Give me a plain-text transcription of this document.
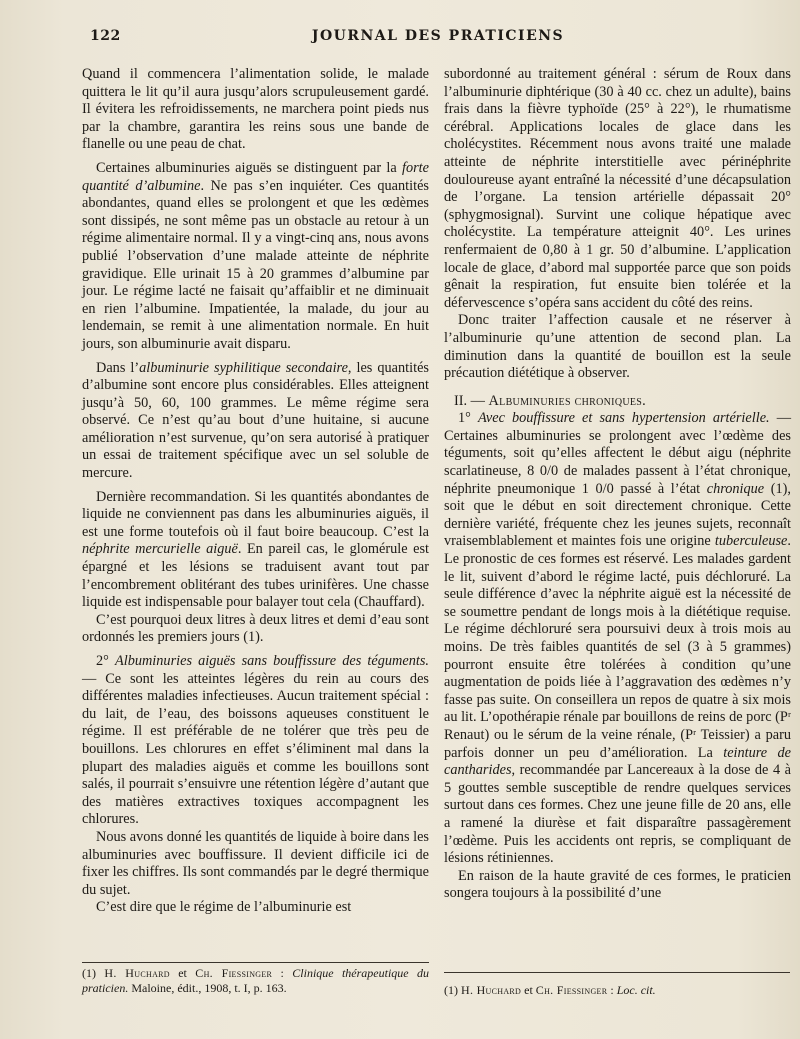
122	JOURNAL DES PRATICIENS

Quand il commencera l’alimentation solide, le malade quittera le lit qu’il aura jusqu’alors scrupuleusement gardé. Il évitera les refroidissements, ne marchera point pieds nus par la chambre, garantira les reins sous une bande de flanelle ou une peau de chat.

Certaines albuminuries aiguës se distinguent par la forte quantité d’albumine. Ne pas s’en inquiéter. Ces quantités abondantes, quand elles se prolongent et que les œdèmes sont dissipés, ne sont même pas un obstacle au retour à un régime alimentaire normal. Il y a vingt-cinq ans, nous avons publié l’observation d’une malade atteinte de néphrite gravidique. Elle urinait 15 à 20 grammes d’albumine par jour. Le régime lacté ne faisait qu’affaiblir et ne diminuait en rien l’albumine. Impatientée, la malade, du jour au lendemain, se remit à une alimentation normale. En huit jours, son albuminurie avait disparu.

Dans l’albuminurie syphilitique secondaire, les quantités d’albumine sont encore plus considérables. Elles atteignent jusqu’à 50, 60, 100 grammes. Le même régime sera observé. Ce n’est qu’au bout d’une huitaine, si aucune amélioration n’est survenue, qu’on sera autorisé à pratiquer un essai de traitement spécifique avec un sel soluble de mercure.

Dernière recommandation. Si les quantités abondantes de liquide ne conviennent pas dans les albuminuries aiguës, il est une forme toutefois où il faut boire beaucoup. C’est la néphrite mercurielle aiguë. En pareil cas, le glomérule est épargné et les lésions se traduisent avant tout par l’encombrement oblitérant des tubes urinifères. Une chasse liquide est indispensable pour balayer tout cela (Chauffard).

C’est pourquoi deux litres à deux litres et demi d’eau sont ordonnés les premiers jours (1).

2° Albuminuries aiguës sans bouffissure des téguments. — Ce sont les atteintes légères du rein au cours des différentes maladies infectieuses. Aucun traitement spécial : du lait, de l’eau, des boissons aqueuses constituent le régime. Il est préférable de ne tolérer que très peu de bouillons. Les chlorures en effet s’éliminent mal dans la plupart des maladies aiguës et comme les bouillons sont salés, il pourrait s’ensuivre une rétention légère d’autant que des matières extractives toxiques accompagnent les chlorures.

Nous avons donné les quantités de liquide à boire dans les albuminuries avec bouffissure. Il devient difficile ici de fixer les chiffres. Ils sont commandés par le degré thermique du sujet.

C’est dire que le régime de l’albuminurie est

subordonné au traitement général : sérum de Roux dans l’albuminurie diphtérique (30 à 40 cc. chez un adulte), bains frais dans la fièvre typhoïde (25° à 22°), le rhumatisme cérébral. Applications locales de glace dans les cholécystites. Récemment nous avons traité une malade atteinte de néphrite interstitielle avec périnéphrite douloureuse ayant entraîné la nécessité d’une décapsulation de l’organe. La tension artérielle dépassait 20° (sphygmosignal). Survint une colique hépatique avec cholécystite. La température atteignit 40°. Les urines renfermaient de 0,80 à 1 gr. 50 d’albumine. L’application locale de glace, d’abord mal supportée parce que son poids gênait la respiration, fut ensuite bien tolérée et la défervescence s’opéra sans accident du côté des reins.

Donc traiter l’affection causale et ne réserver à l’albuminurie qu’une attention de second plan. La diminution dans la quantité de bouillon est la seule précaution diététique à observer.

II. — Albuminuries chroniques.

1° Avec bouffissure et sans hypertension artérielle. — Certaines albuminuries se prolongent avec l’œdème des téguments, soit qu’elles affectent le début aigu (néphrite scarlatineuse, 8 0/0 de malades passent à l’état chronique, néphrite pneumonique 1 0/0 passé à l’état chronique (1), soit que le début en soit directement chronique. Cette dernière variété, fréquente chez les jeunes sujets, reconnaît vraisemblablement et maintes fois une origine tuberculeuse. Le pronostic de ces formes est réservé. Les malades gardent le lit, suivent d’abord le régime lacté, puis déchloruré. La seule différence d’avec la néphrite aiguë est la nécessité de se soumettre pendant de longs mois à la diététique requise. Le régime déchloruré sera poursuivi deux à trois mois au moins. De très faibles quantités de sel (3 à 5 grammes) pourront ensuite être tolérées à condition qu’une augmentation de poids liée à l’aggravation des œdèmes n’y fasse pas suite. On conseillera un repos de quatre à six mois au lit. L’opothérapie rénale par bouillons de reins de porc (Pʳ Renaut) ou le sérum de la veine rénale, (Pʳ Teissier) a paru parfois donner un peu d’amélioration. La teinture de cantharides, recommandée par Lancereaux à la dose de 4 à 5 gouttes semble susceptible de rendre quelques services surtout dans ces formes. Chez une jeune fille de 20 ans, elle a ramené la diurèse et fait disparaître passagèrement l’œdème. Puis les accidents ont repris, se compliquant de lésions rétiniennes.

En raison de la haute gravité de ces formes, le praticien songera toujours à la possibilité d’une

(1) H. Huchard et Ch. Fiessinger : Clinique thérapeutique du praticien. Maloine, édit., 1908, t. I, p. 163.	(1) H. Huchard et Ch. Fiessinger : Loc. cit.
